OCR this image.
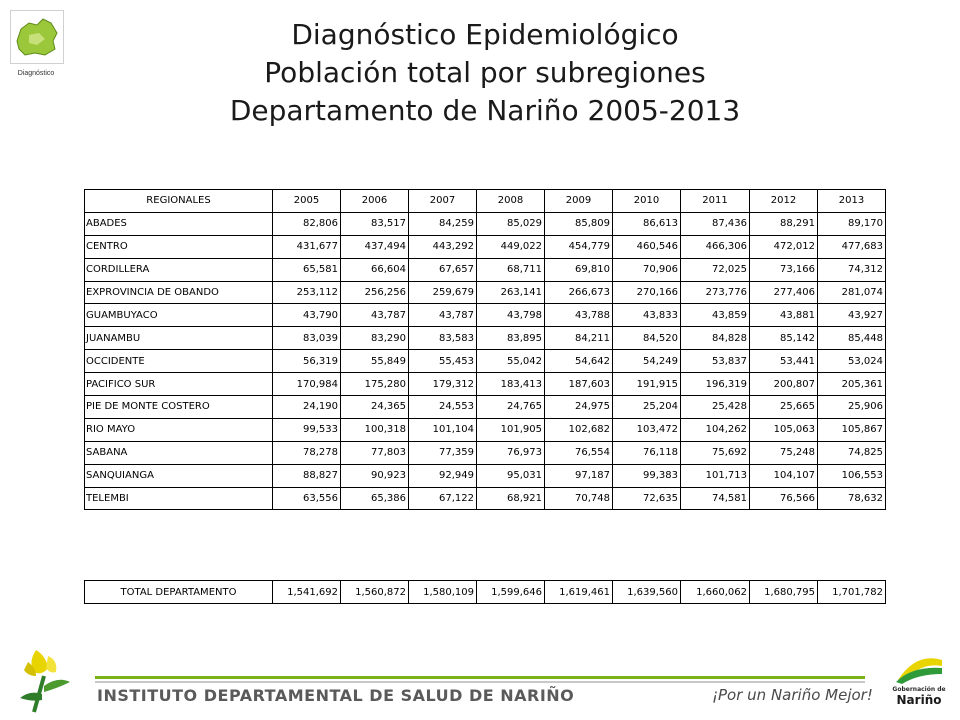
Diagnóstico
Diagnóstico Epidemiológico
Población total por subregiones
Departamento de Nariño 2005-2013
REGIONALES	2005	2006	2007	2008	2009	2010	2011	2012	2013
ABADES	82,806	83,517	84,259	85,029	85,809	86,613	87,436	88,291	89,170
CENTRO	431,677	437,494	443,292	449,022	454,779	460,546	466,306	472,012	477,683
CORDILLERA	65,581	66,604	67,657	68,711	69,810	70,906	72,025	73,166	74,312
EXPROVINCIA DE OBANDO	253,112	256,256	259,679	263,141	266,673	270,166	273,776	277,406	281,074
GUAMBUYACO	43,790	43,787	43,787	43,798	43,788	43,833	43,859	43,881	43,927
JUANAMBU	83,039	83,290	83,583	83,895	84,211	84,520	84,828	85,142	85,448
OCCIDENTE	56,319	55,849	55,453	55,042	54,642	54,249	53,837	53,441	53,024
PACIFICO SUR	170,984	175,280	179,312	183,413	187,603	191,915	196,319	200,807	205,361
PIE DE MONTE COSTERO	24,190	24,365	24,553	24,765	24,975	25,204	25,428	25,665	25,906
RIO MAYO	99,533	100,318	101,104	101,905	102,682	103,472	104,262	105,063	105,867
SABANA	78,278	77,803	77,359	76,973	76,554	76,118	75,692	75,248	74,825
SANQUIANGA	88,827	90,923	92,949	95,031	97,187	99,383	101,713	104,107	106,553
TELEMBI	63,556	65,386	67,122	68,921	70,748	72,635	74,581	76,566	78,632
TOTAL DEPARTAMENTO	1,541,692	1,560,872	1,580,109	1,599,646	1,619,461	1,639,560	1,660,062	1,680,795	1,701,782
INSTITUTO DEPARTAMENTAL DE SALUD DE NARIÑO	¡Por un Nariño Mejor!	Gobernación de
Nariño
